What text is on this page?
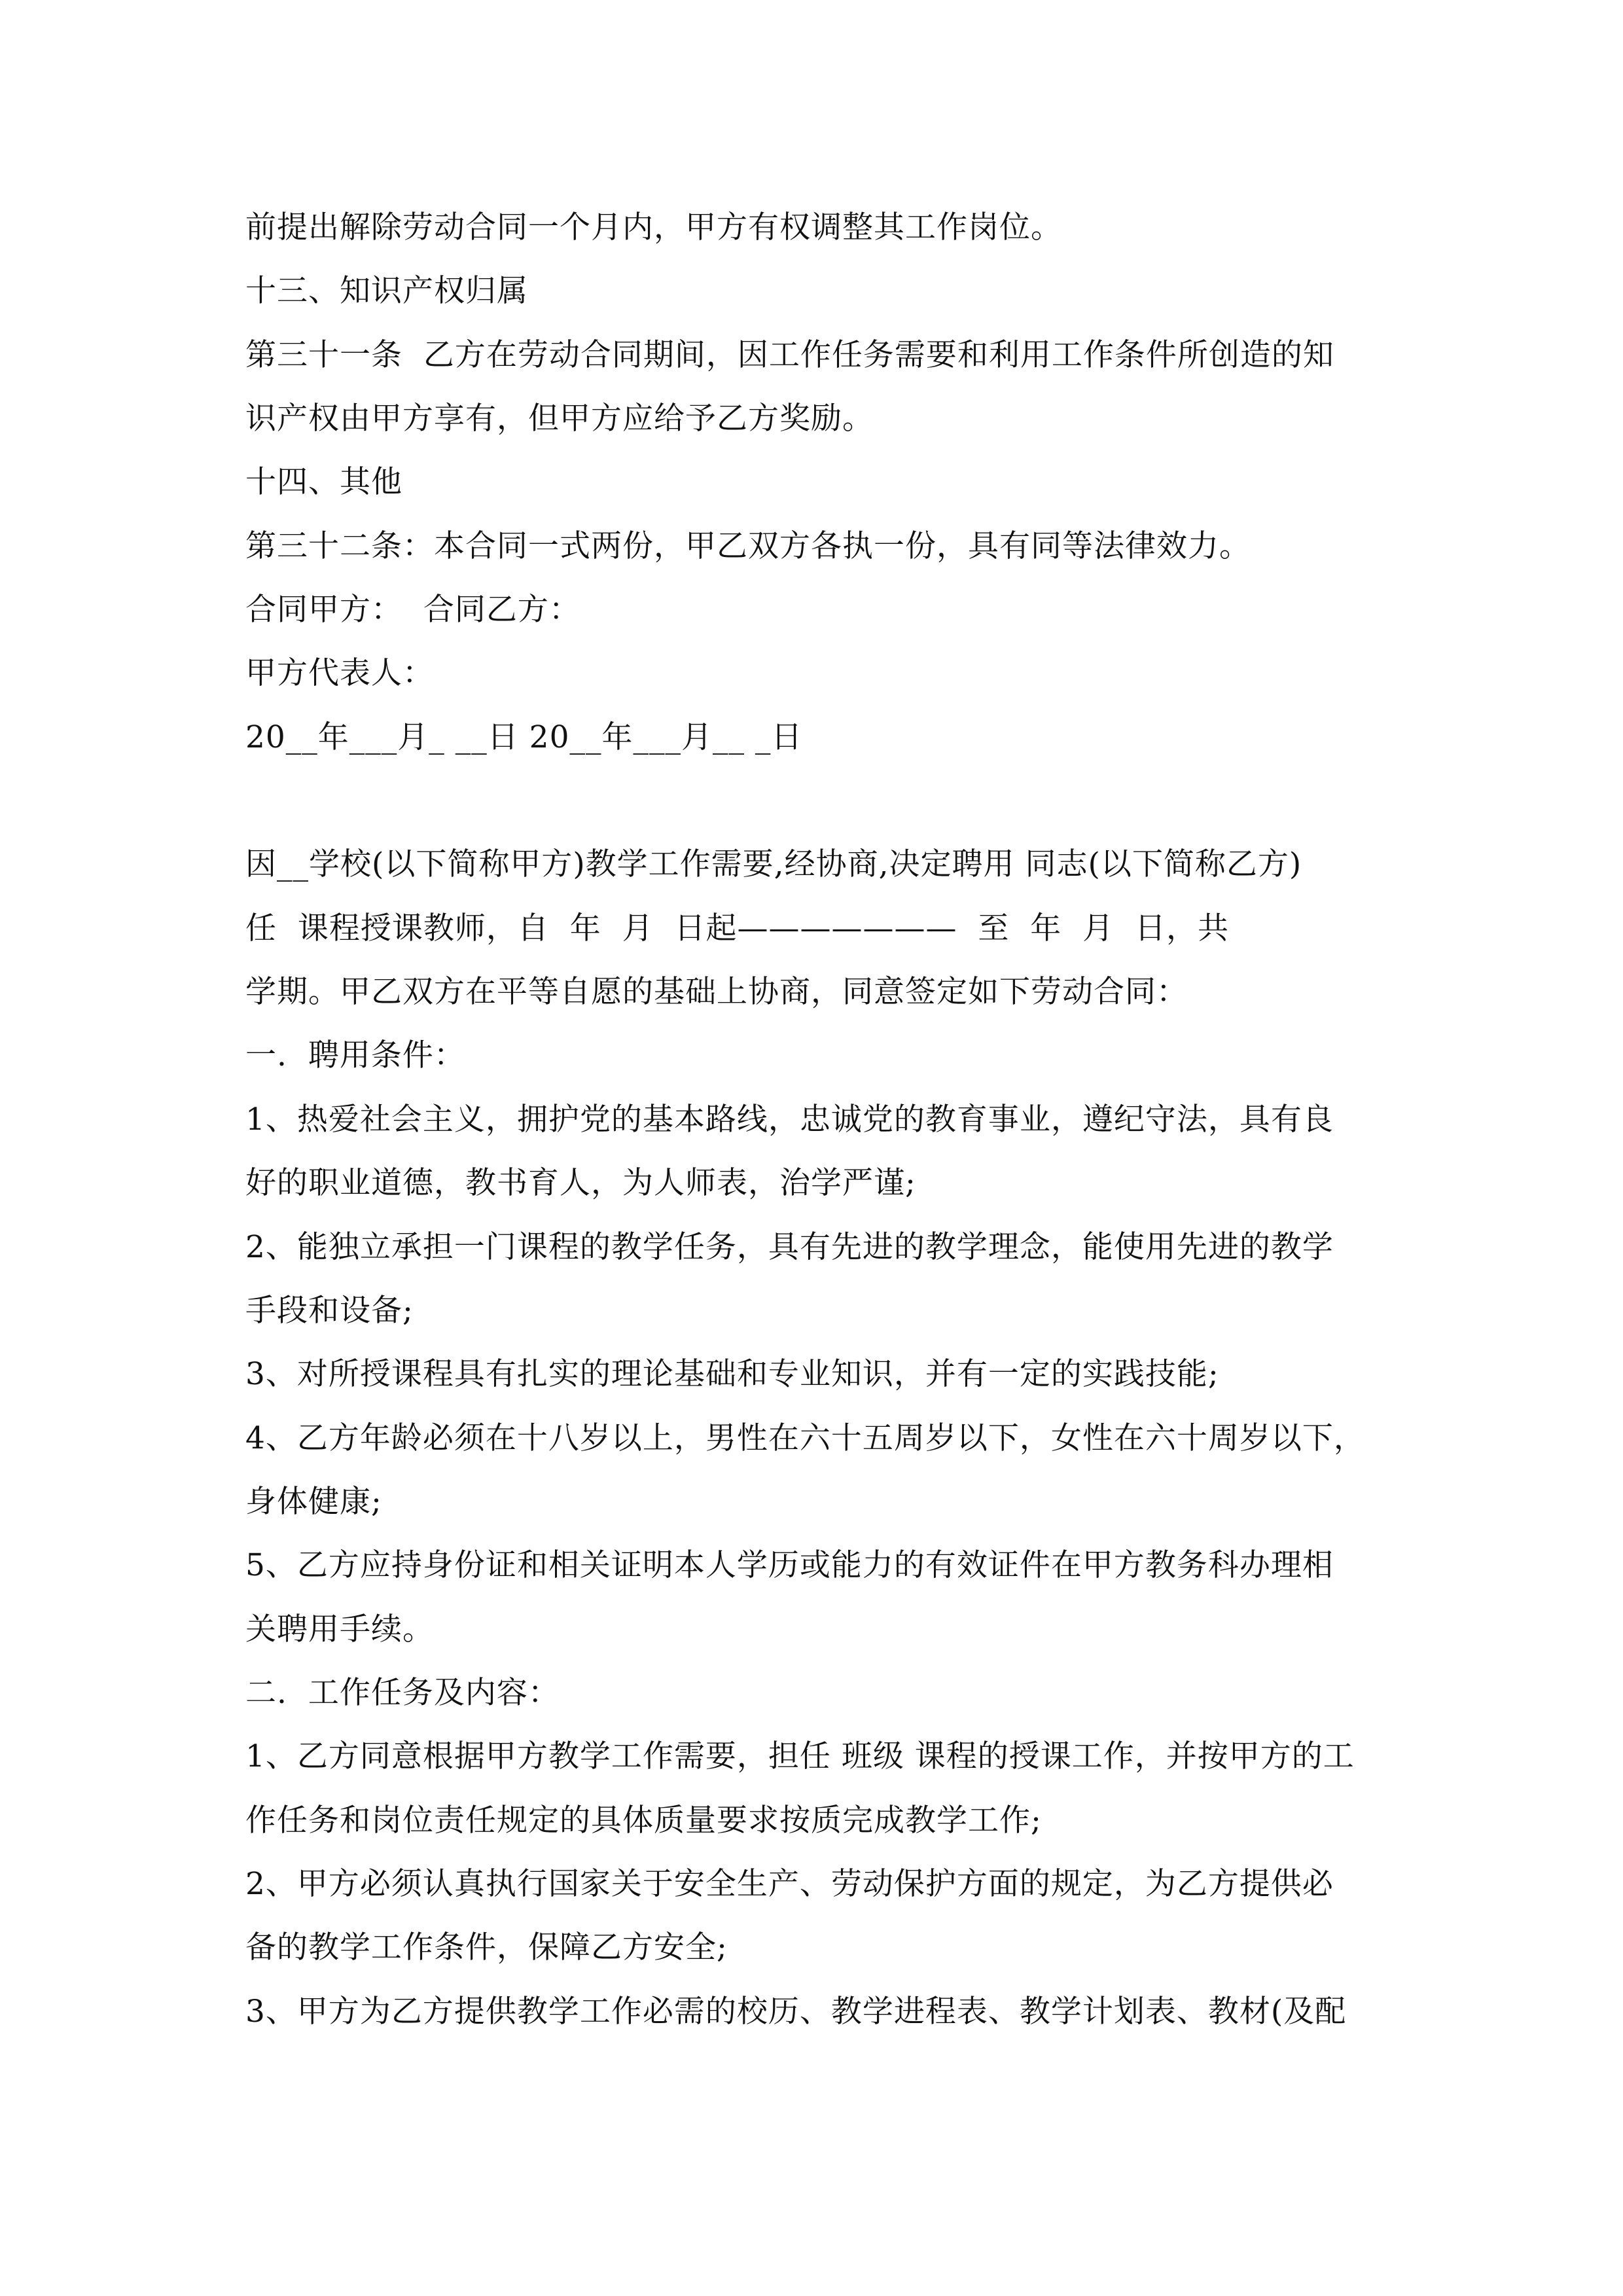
前提出解除劳动合同一个月内，甲方有权调整其工作岗位。
十三、知识产权归属
第三十一条  乙方在劳动合同期间，因工作任务需要和利用工作条件所创造的知
识产权由甲方享有，但甲方应给予乙方奖励。
十四、其他
第三十二条：本合同一式两份，甲乙双方各执一份，具有同等法律效力。
合同甲方：  合同乙方：
甲方代表人：
20__年___月_ __日 20__年___月__ _日
因__学校(以下简称甲方)教学工作需要,经协商,决定聘用 同志(以下简称乙方)
任  课程授课教师，自  年  月  日起———————  至  年  月  日，共
学期。甲乙双方在平等自愿的基础上协商，同意签定如下劳动合同：
一.  聘用条件：
1、热爱社会主义，拥护党的基本路线，忠诚党的教育事业，遵纪守法，具有良
好的职业道德，教书育人，为人师表，治学严谨;
2、能独立承担一门课程的教学任务，具有先进的教学理念，能使用先进的教学
手段和设备;
3、对所授课程具有扎实的理论基础和专业知识，并有一定的实践技能;
4、乙方年龄必须在十八岁以上，男性在六十五周岁以下，女性在六十周岁以下，
身体健康;
5、乙方应持身份证和相关证明本人学历或能力的有效证件在甲方教务科办理相
关聘用手续。
二.  工作任务及内容：
1、乙方同意根据甲方教学工作需要，担任 班级 课程的授课工作，并按甲方的工
作任务和岗位责任规定的具体质量要求按质完成教学工作;
2、甲方必须认真执行国家关于安全生产、劳动保护方面的规定，为乙方提供必
备的教学工作条件，保障乙方安全;
3、甲方为乙方提供教学工作必需的校历、教学进程表、教学计划表、教材(及配
